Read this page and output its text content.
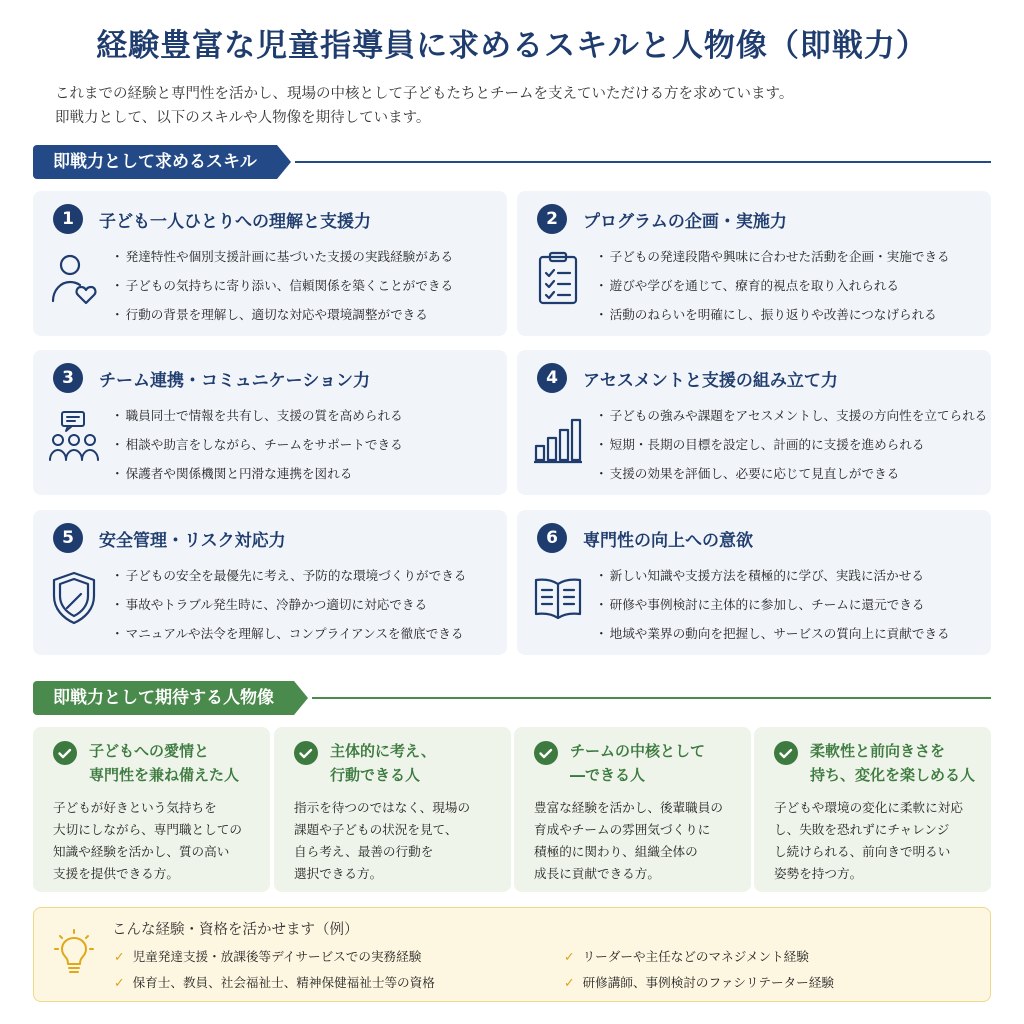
経験豊富な児童指導員に求めるスキルと人物像（即戦力）
これまでの経験と専門性を活かし、現場の中核として子どもたちとチームを支えていただける方を求めています。
即戦力として、以下のスキルや人物像を期待しています。
即戦力として求めるスキル
1	子ども一人ひとりへの理解と支援力
・ 発達特性や個別支援計画に基づいた支援の実践経験がある
・ 子どもの気持ちに寄り添い、信頼関係を築くことができる
・ 行動の背景を理解し、適切な対応や環境調整ができる
2	プログラムの企画・実施力
・ 子どもの発達段階や興味に合わせた活動を企画・実施できる
・ 遊びや学びを通じて、療育的視点を取り入れられる
・ 活動のねらいを明確にし、振り返りや改善につなげられる
3	チーム連携・コミュニケーション力
・ 職員同士で情報を共有し、支援の質を高められる
・ 相談や助言をしながら、チームをサポートできる
・ 保護者や関係機関と円滑な連携を図れる
4	アセスメントと支援の組み立て力
・ 子どもの強みや課題をアセスメントし、支援の方向性を立てられる
・ 短期・長期の目標を設定し、計画的に支援を進められる
・ 支援の効果を評価し、必要に応じて見直しができる
5	安全管理・リスク対応力
・ 子どもの安全を最優先に考え、予防的な環境づくりができる
・ 事故やトラブル発生時に、冷静かつ適切に対応できる
・ マニュアルや法令を理解し、コンプライアンスを徹底できる
6	専門性の向上への意欲
・ 新しい知識や支援方法を積極的に学び、実践に活かせる
・ 研修や事例検討に主体的に参加し、チームに還元できる
・ 地域や業界の動向を把握し、サービスの質向上に貢献できる
即戦力として期待する人物像
子どもへの愛情と
専門性を兼ね備えた人
子どもが好きという気持ちを
大切にしながら、専門職としての
知識や経験を活かし、質の高い
支援を提供できる方。
主体的に考え、
行動できる人
指示を待つのではなく、現場の
課題や子どもの状況を見て、
自ら考え、最善の行動を
選択できる方。
チームの中核として
―できる人
豊富な経験を活かし、後輩職員の
育成やチームの雰囲気づくりに
積極的に関わり、組織全体の
成長に貢献できる方。
柔軟性と前向きさを
持ち、変化を楽しめる人
子どもや環境の変化に柔軟に対応
し、失敗を恐れずにチャレンジ
し続けられる、前向きで明るい
姿勢を持つ方。
こんな経験・資格を活かせます（例）
✓ 児童発達支援・放課後等デイサービスでの実務経験
✓ 保育士、教員、社会福祉士、精神保健福祉士等の資格
✓ リーダーや主任などのマネジメント経験
✓ 研修講師、事例検討のファシリテーター経験
